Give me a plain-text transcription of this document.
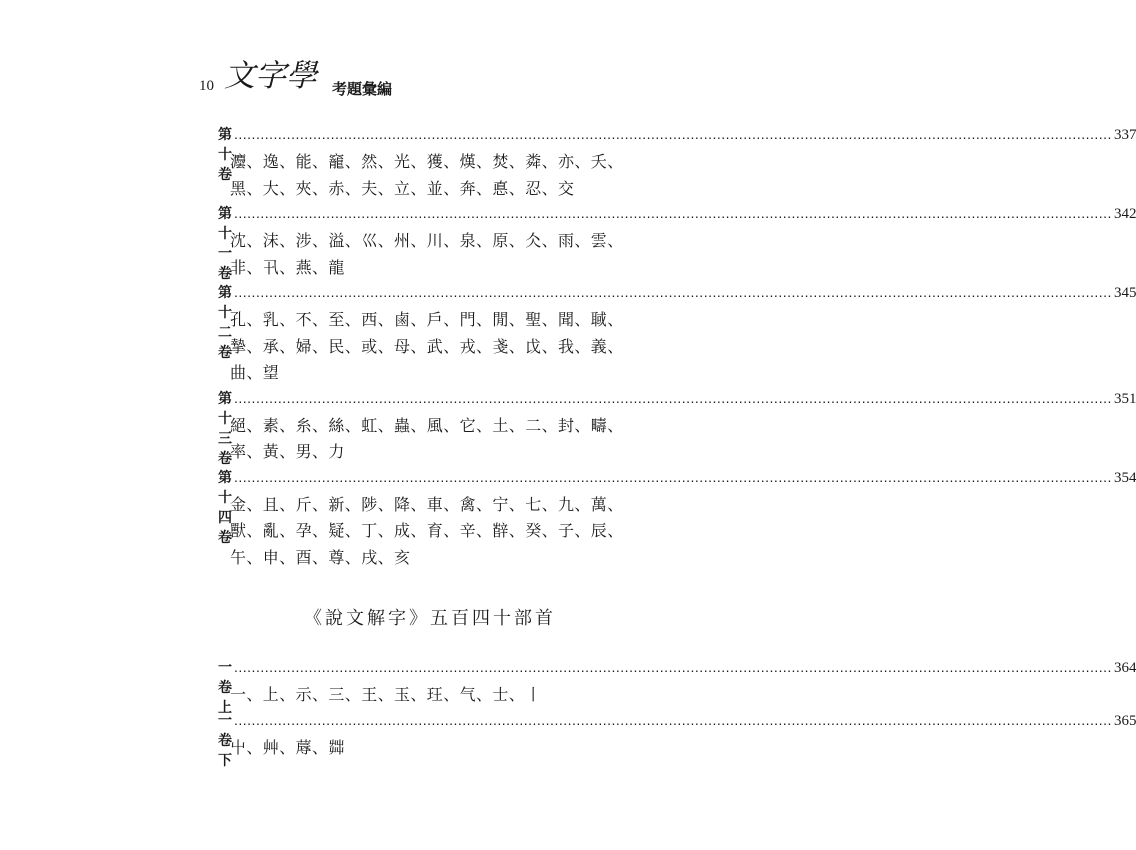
10 文字學 考題彙編
第十卷
........................................................................................................................................................................................................ 337
灋、逸、能、竉、然、光、獲、熯、焚、粦、亦、夭、
黑、大、夾、赤、夫、立、並、奔、悳、忍、交
第十一卷
........................................................................................................................................................................................................ 342
沈、沫、涉、溢、巛、州、川、泉、原、仌、雨、雲、
非、卂、燕、龍
第十二卷
........................................................................................................................................................................................................ 345
孔、乳、不、至、西、鹵、戶、門、閒、聖、聞、聝、
摯、承、婦、民、或、母、武、戎、戔、戉、我、義、
曲、望
第十三卷
........................................................................................................................................................................................................ 351
絕、素、糸、絲、虹、蟲、風、它、土、二、封、疇、
率、黃、男、力
第十四卷
........................................................................................................................................................................................................ 354
金、且、斤、新、陟、降、車、禽、宁、七、九、萬、
獸、亂、孕、疑、丁、成、育、辛、辥、癸、子、辰、
午、申、酉、尊、戌、亥
《說文解字》五百四十部首
一卷上
........................................................................................................................................................................................................ 364
一、上、示、三、王、玉、玨、气、士、丨
一卷下
........................................................................................................................................................................................................ 365
屮、艸、蓐、茻
